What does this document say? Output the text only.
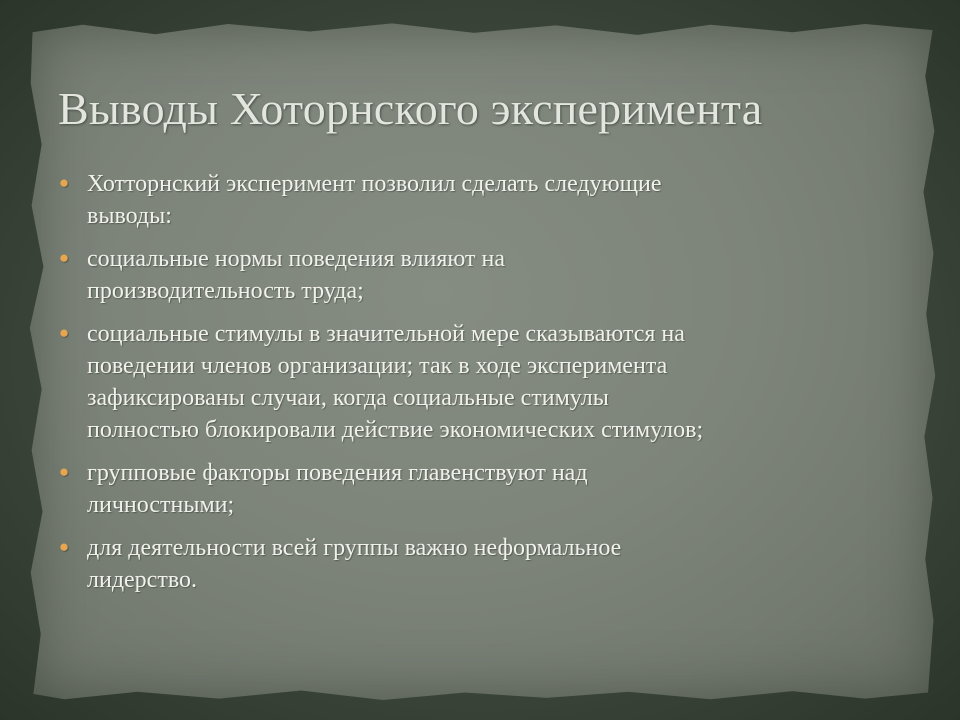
Выводы Хоторнского эксперимента
● Хотторнский эксперимент позволил сделать следующие
выводы:
● социальные нормы поведения влияют на
производительность труда;
● социальные стимулы в значительной мере сказываются на
поведении членов организации; так в ходе эксперимента
зафиксированы случаи, когда социальные стимулы
полностью блокировали действие экономических стимулов;
● групповые факторы поведения главенствуют над
личностными;
● для деятельности всей группы важно неформальное
лидерство.
